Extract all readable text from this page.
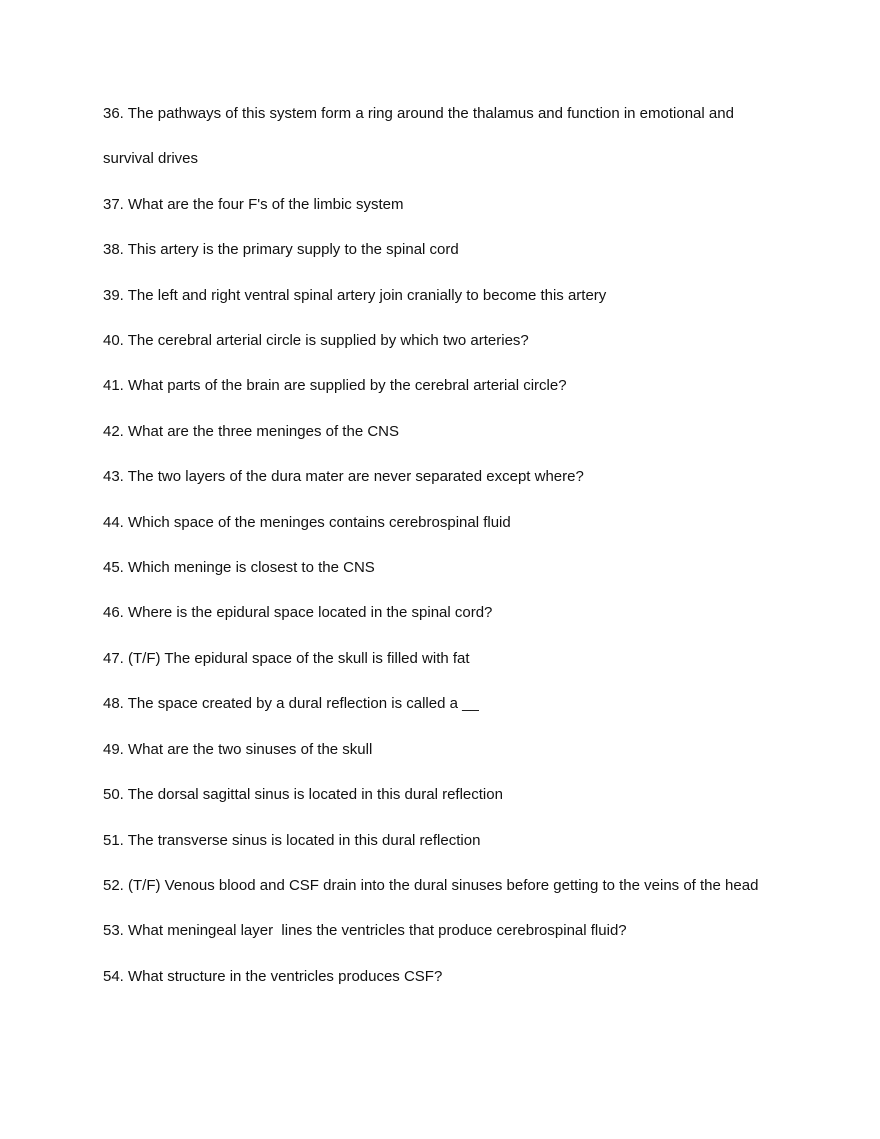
36. The pathways of this system form a ring around the thalamus and function in emotional and survival drives

37. What are the four F's of the limbic system

38. This artery is the primary supply to the spinal cord

39. The left and right ventral spinal artery join cranially to become this artery

40. The cerebral arterial circle is supplied by which two arteries?

41. What parts of the brain are supplied by the cerebral arterial circle?

42. What are the three meninges of the CNS

43. The two layers of the dura mater are never separated except where?

44. Which space of the meninges contains cerebrospinal fluid

45. Which meninge is closest to the CNS

46. Where is the epidural space located in the spinal cord?

47. (T/F) The epidural space of the skull is filled with fat

48. The space created by a dural reflection is called a __

49. What are the two sinuses of the skull

50. The dorsal sagittal sinus is located in this dural reflection

51. The transverse sinus is located in this dural reflection

52. (T/F) Venous blood and CSF drain into the dural sinuses before getting to the veins of the head

53. What meningeal layer  lines the ventricles that produce cerebrospinal fluid?

54. What structure in the ventricles produces CSF?
